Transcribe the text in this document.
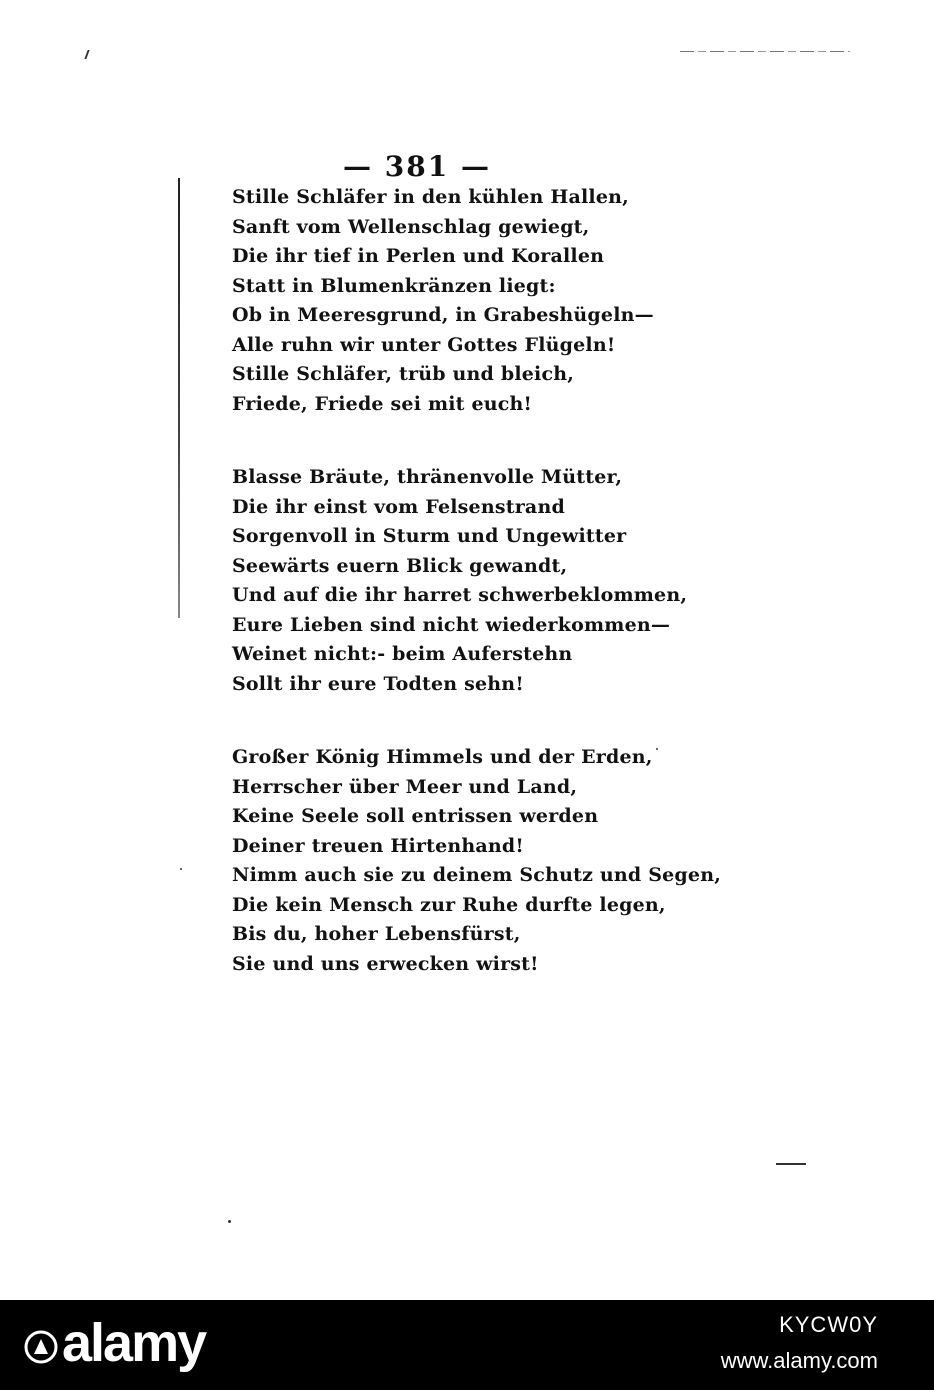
— 381 —
Stille Schläfer in den kühlen Hallen,
Sanft vom Wellenschlag gewiegt,
Die ihr tief in Perlen und Korallen
Statt in Blumenkränzen liegt:
Ob in Meeresgrund, in Grabeshügeln—
Alle ruhn wir unter Gottes Flügeln!
Stille Schläfer, trüb und bleich,
Friede, Friede sei mit euch!
Blasse Bräute, thränenvolle Mütter,
Die ihr einst vom Felsenstrand
Sorgenvoll in Sturm und Ungewitter
Seewärts euern Blick gewandt,
Und auf die ihr harret schwerbeklommen,
Eure Lieben sind nicht wiederkommen—
Weinet nicht:- beim Auferstehn
Sollt ihr eure Todten sehn!
Großer König Himmels und der Erden,
Herrscher über Meer und Land,
Keine Seele soll entrissen werden
Deiner treuen Hirtenhand!
Nimm auch sie zu deinem Schutz und Segen,
Die kein Mensch zur Ruhe durfte legen,
Bis du, hoher Lebensfürst,
Sie und uns erwecken wirst!
alamy	KYCW0Y
www.alamy.com
